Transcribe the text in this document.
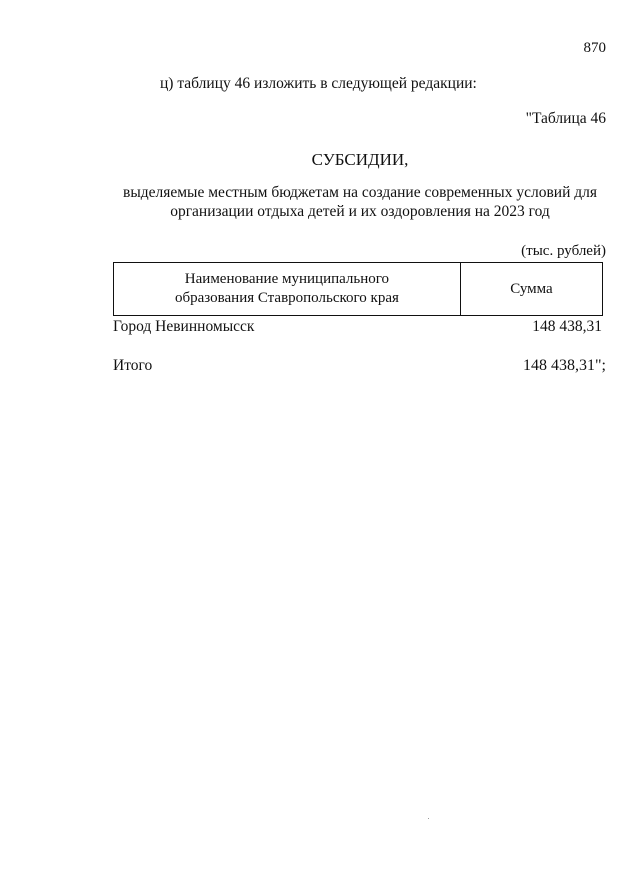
870
ц) таблицу 46 изложить в следующей редакции:
"Таблица 46
СУБСИДИИ,
выделяемые местным бюджетам на создание современных условий для
организации отдыха детей и их оздоровления на 2023 год
(тыс. рублей)
Наименование муниципального
образования Ставропольского края
	Сумма
Город Невинномысск	148 438,31
Итого	148 438,31";
